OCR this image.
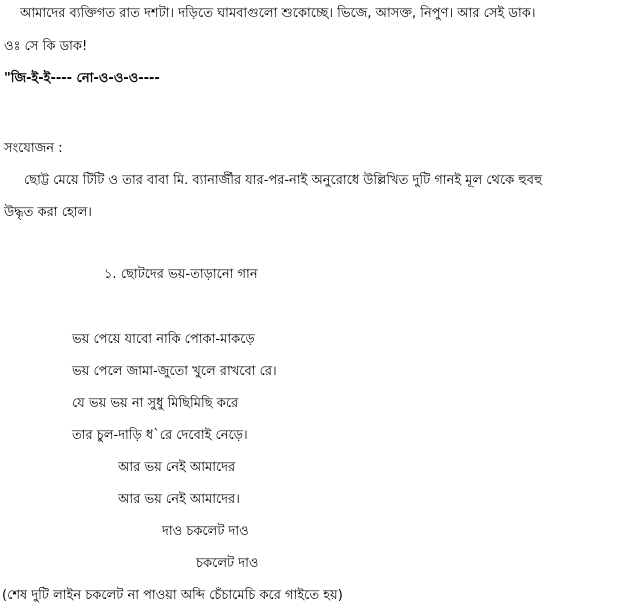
আমাদের ব্যক্তিগত রাত দশটা। দড়িতে ঘামবাগুলো শুকোচ্ছে। ভিজে, আসক্ত, নিপুণ। আর সেই ডাক।
ওঃ সে কি ডাক!
"জি-ই-ই---- নো-ও-ও-ও----
সংযোজন :
ছোট্ট মেয়ে টিটি ও তার বাবা মি. ব্যানার্জীর যার-পর-নাই অনুরোধে উল্লিখিত দুটি গানই মূল থেকে হুবহু
উদ্ধৃত করা হোল।
১. ছোটদের ভয়-তাড়ানো গান
ভয় পেয়ে যাবো নাকি পোকা-মাকড়ে
ভয় পেলে জামা-জুতো খুলে রাখবো রে।
যে ভয় ভয় না সুধু মিছিমিছি করে
তার চুল-দাড়ি ধ`রে দেবোই নেড়ে।
আর ভয় নেই আমাদের
আর ভয় নেই আমাদের।
দাও চকলেট দাও
চকলেট দাও
(শেষ দুটি লাইন চকলেট না পাওয়া অব্দি চেঁচামেচি করে গাইতে হয়)
